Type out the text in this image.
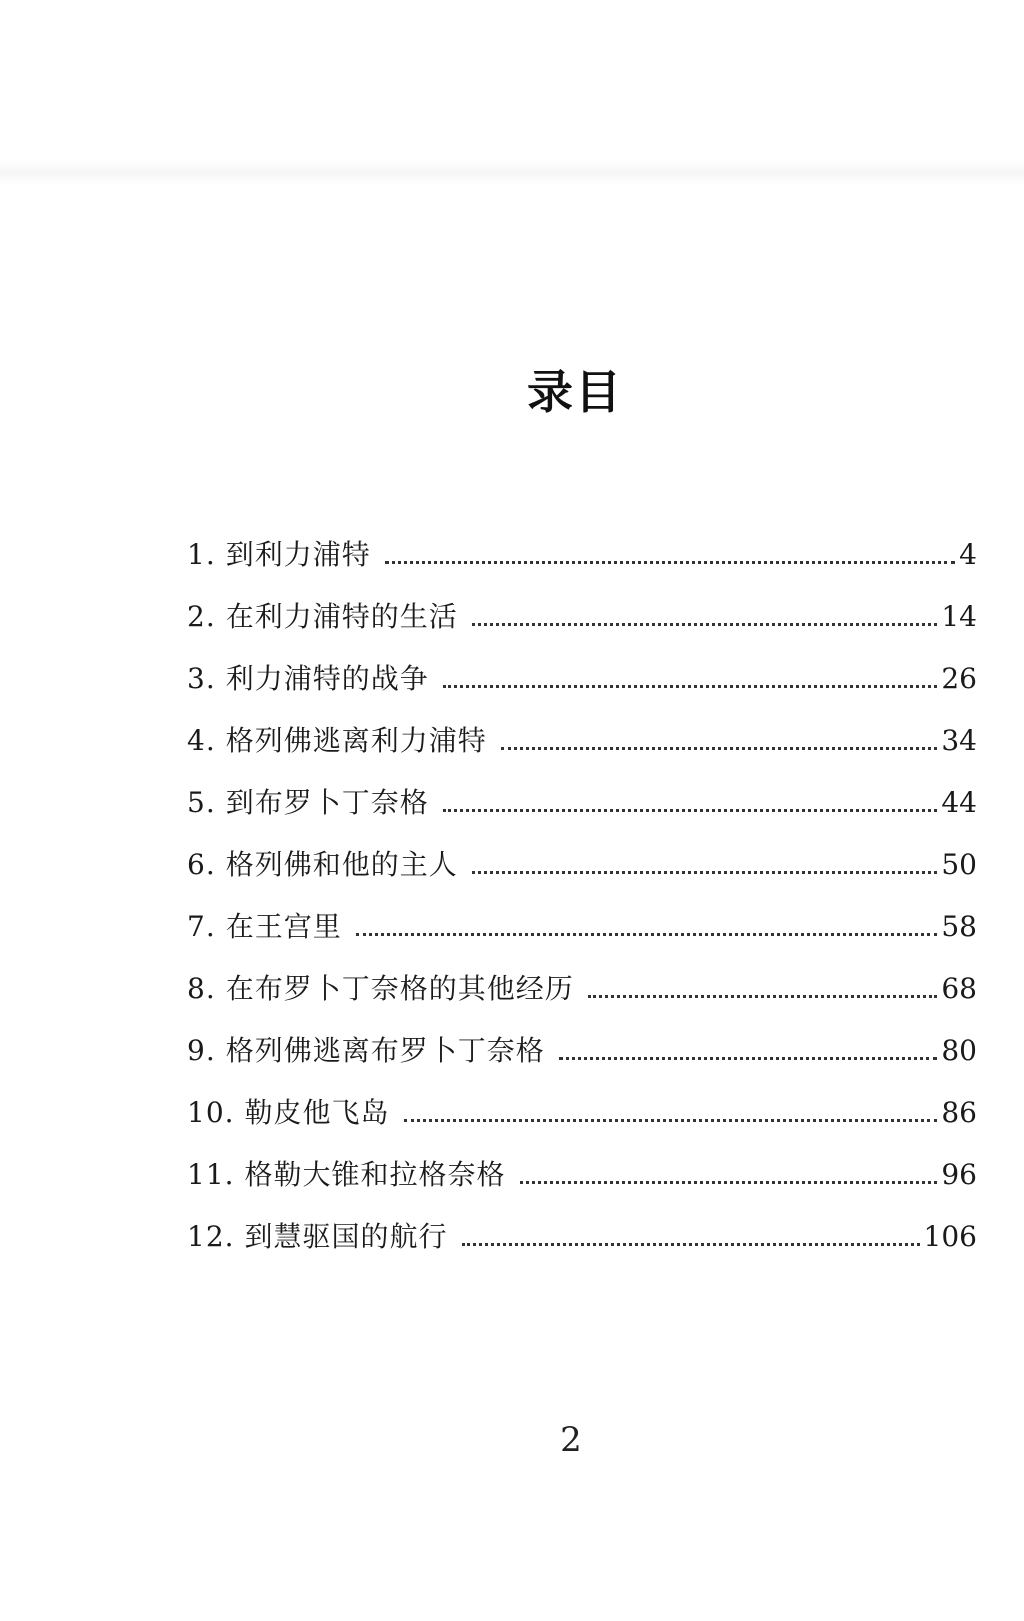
录目
1. 到利力浦特	4
2. 在利力浦特的生活	14
3. 利力浦特的战争	26
4. 格列佛逃离利力浦特	34
5. 到布罗卜丁奈格	44
6. 格列佛和他的主人	50
7. 在王宫里	58
8. 在布罗卜丁奈格的其他经历	68
9. 格列佛逃离布罗卜丁奈格	80
10. 勒皮他飞岛	86
11. 格勒大锥和拉格奈格	96
12. 到慧驱国的航行	106
2
